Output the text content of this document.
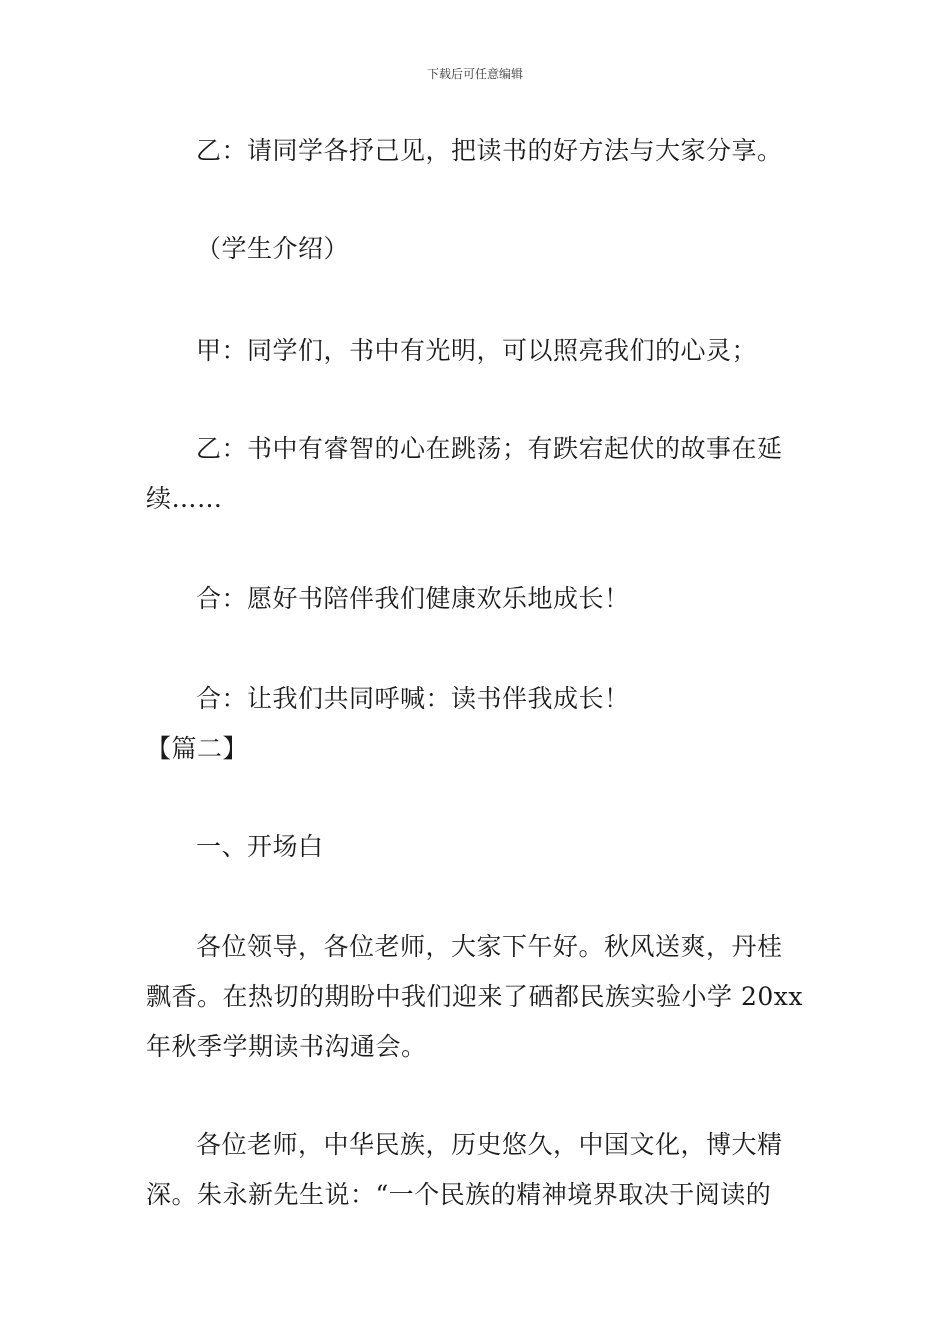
下载后可任意编辑
乙：请同学各抒己见，把读书的好方法与大家分享。
（学生介绍）
甲：同学们，书中有光明，可以照亮我们的心灵；
乙：书中有睿智的心在跳荡；有跌宕起伏的故事在延
续……
合：愿好书陪伴我们健康欢乐地成长！
合：让我们共同呼喊：读书伴我成长！
【篇二】
一、开场白
各位领导，各位老师，大家下午好。秋风送爽，丹桂
飘香。在热切的期盼中我们迎来了硒都民族实验小学 20xx
年秋季学期读书沟通会。
各位老师，中华民族，历史悠久，中国文化，博大精
深。朱永新先生说：“一个民族的精神境界取决于阅读的
